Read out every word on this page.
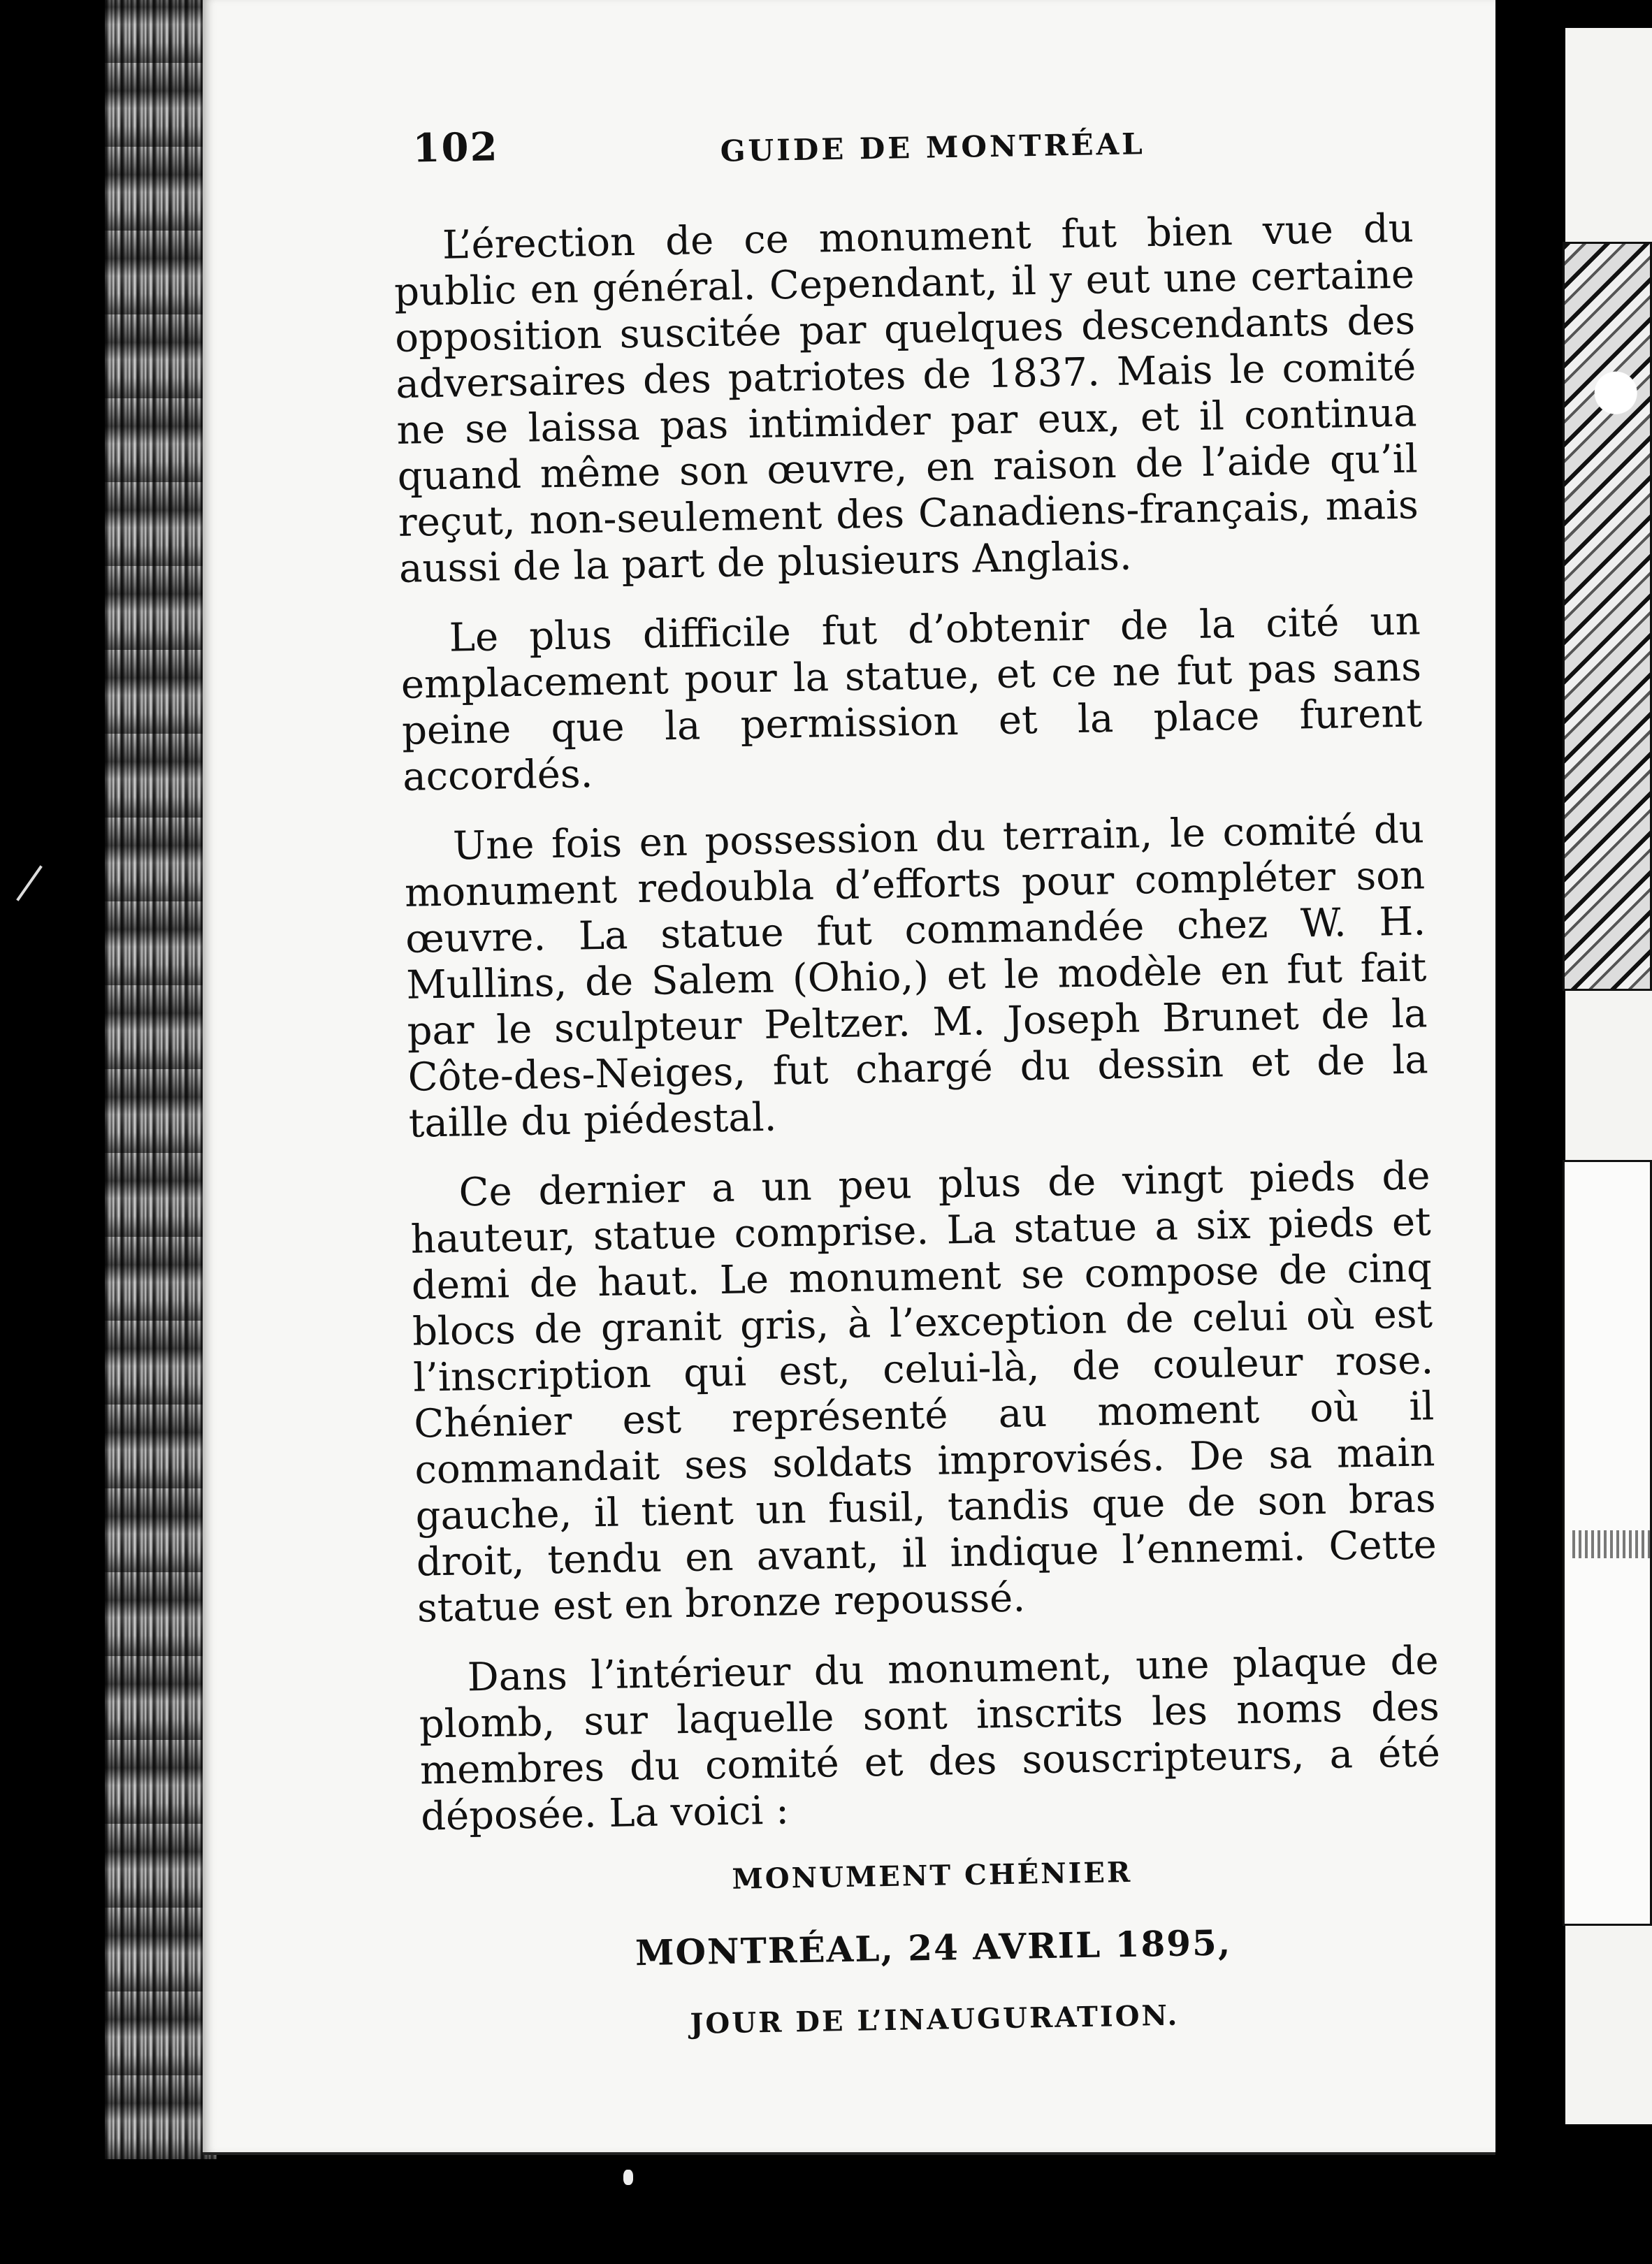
102	GUIDE DE MONTRÉAL

L’érection de ce monument fut bien vue du public en général. Cependant, il y eut une certaine opposition suscitée par quelques descendants des adversaires des patriotes de 1837. Mais le comité ne se laissa pas intimider par eux, et il continua quand même son œuvre, en raison de l’aide qu’il reçut, non-seulement des Canadiens-français, mais aussi de la part de plusieurs Anglais.

Le plus difficile fut d’obtenir de la cité un emplacement pour la statue, et ce ne fut pas sans peine que la permission et la place furent accordés.

Une fois en possession du terrain, le comité du monument redoubla d’efforts pour compléter son œuvre. La statue fut commandée chez W. H. Mullins, de Salem (Ohio,) et le modèle en fut fait par le sculpteur Peltzer. M. Joseph Brunet de la Côte-des-Neiges, fut chargé du dessin et de la taille du piédestal.

Ce dernier a un peu plus de vingt pieds de hauteur, statue comprise. La statue a six pieds et demi de haut. Le monument se compose de cinq blocs de granit gris, à l’exception de celui où est l’inscription qui est, celui-là, de couleur rose. Chénier est représenté au moment où il commandait ses soldats improvisés. De sa main gauche, il tient un fusil, tandis que de son bras droit, tendu en avant, il indique l’ennemi. Cette statue est en bronze repoussé.

Dans l’intérieur du monument, une plaque de plomb, sur laquelle sont inscrits les noms des membres du comité et des souscripteurs, a été déposée. La voici :

MONUMENT CHÉNIER
MONTRÉAL, 24 AVRIL 1895,
JOUR DE L’INAUGURATION.
